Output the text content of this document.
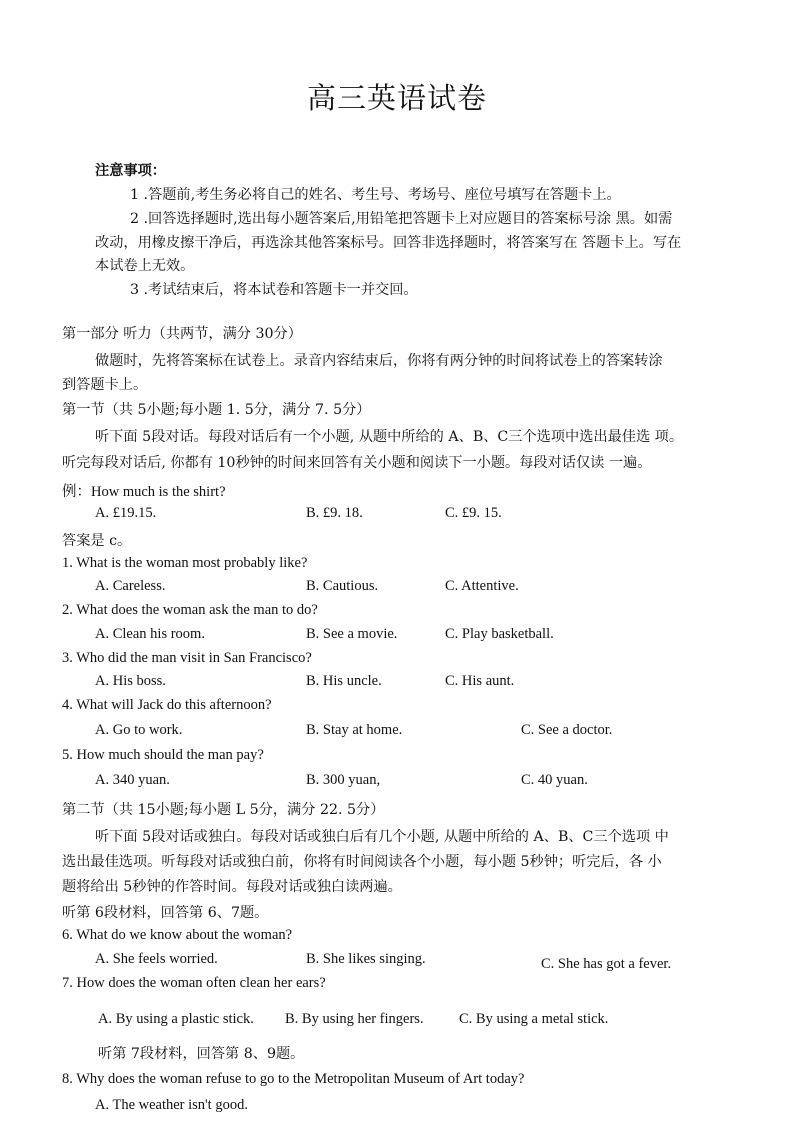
高三英语试卷
注意事项：
1 .答题前,考生务必将自己的姓名、考生号、考场号、座位号填写在答题卡上。
2 .回答选择题时,选出每小题答案后,用铅笔把答题卡上对应题目的答案标号涂 黑。如需
改动，用橡皮擦干净后，再选涂其他答案标号。回答非选择题时，将答案写在 答题卡上。写在
本试卷上无效。
3 .考试结束后，将本试卷和答题卡一并交回。
第一部分 听力（共两节，满分 30分）
做题时，先将答案标在试卷上。录音内容结束后，你将有两分钟的时间将试卷上的答案转涂
到答题卡上。
第一节（共 5小题;每小题 1. 5分，满分 7. 5分）
听下面 5段对话。每段对话后有一个小题, 从题中所给的 A、B、C三个选项中选出最佳选 项。
听完每段对话后, 你都有 10秒钟的时间来回答有关小题和阅读下一小题。每段对话仅读 一遍。
例：How much is the shirt?
A. £19.15.	B. £9. 18.	C. £9. 15.
答案是 c。
1. What is the woman most probably like?
A. Careless.	B. Cautious.	C. Attentive.
2. What does the woman ask the man to do?
A. Clean his room.	B. See a movie.	C. Play basketball.
3. Who did the man visit in San Francisco?
A. His boss.	B. His uncle.	C. His aunt.
4. What will Jack do this afternoon?
A. Go to work.	B. Stay at home.	C. See a doctor.
5. How much should the man pay?
A. 340 yuan.	B. 300 yuan,	C. 40 yuan.
第二节（共 15小题;每小题 L 5分，满分 22. 5分）
听下面 5段对话或独白。每段对话或独白后有几个小题, 从题中所给的 A、B、C三个选项 中
选出最佳选项。听每段对话或独白前，你将有时间阅读各个小题，每小题 5秒钟；听完后，各 小
题将给出 5秒钟的作答时间。每段对话或独白读两遍。
听第 6段材料，回答第 6、7题。
6. What do we know about the woman?
A. She feels worried.	B. She likes singing.	C. She has got a fever.
7. How does the woman often clean her ears?
A. By using a plastic stick. B. By using her fingers. C. By using a metal stick.
听第 7段材料，回答第 8、9题。
8. Why does the woman refuse to go to the Metropolitan Museum of Art today?
A. The weather isn't good.
